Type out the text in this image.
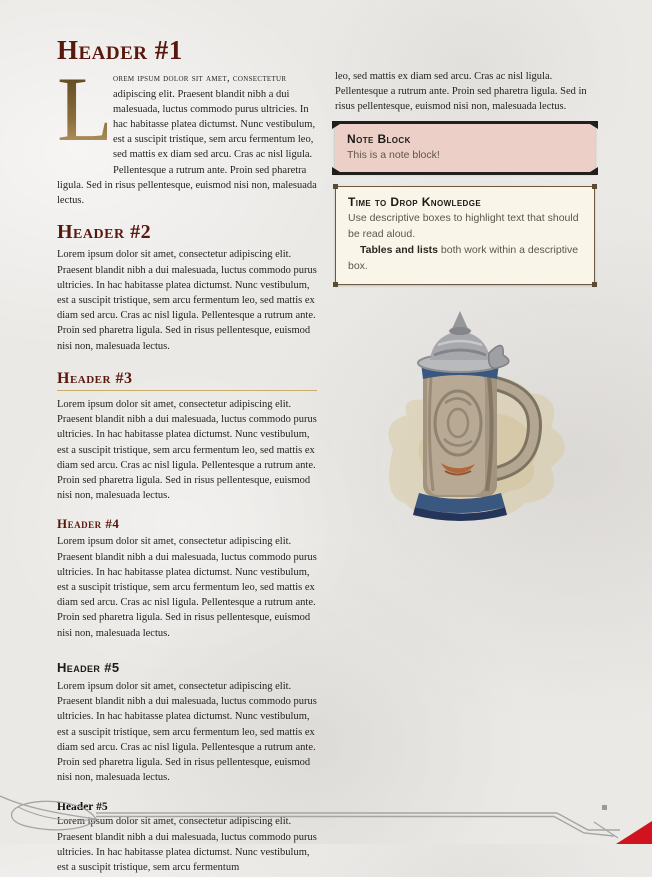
Header #1

L orem ipsum dolor sit amet, consectetur adipiscing elit. Praesent blandit nibh a dui malesuada, luctus commodo purus ultricies. In hac habitasse platea dictumst. Nunc vestibulum, est a suscipit tristique, sem arcu fermentum leo, sed mattis ex diam sed arcu. Cras ac nisl ligula. Pellentesque a rutrum ante. Proin sed pharetra ligula. Sed in risus pellentesque, euismod nisi non, malesuada lectus.

Header #2

Lorem ipsum dolor sit amet, consectetur adipiscing elit. Praesent blandit nibh a dui malesuada, luctus commodo purus ultricies. In hac habitasse platea dictumst. Nunc vestibulum, est a suscipit tristique, sem arcu fermentum leo, sed mattis ex diam sed arcu. Cras ac nisl ligula. Pellentesque a rutrum ante. Proin sed pharetra ligula. Sed in risus pellentesque, euismod nisi non, malesuada lectus.

Header #3

Lorem ipsum dolor sit amet, consectetur adipiscing elit. Praesent blandit nibh a dui malesuada, luctus commodo purus ultricies. In hac habitasse platea dictumst. Nunc vestibulum, est a suscipit tristique, sem arcu fermentum leo, sed mattis ex diam sed arcu. Cras ac nisl ligula. Pellentesque a rutrum ante. Proin sed pharetra ligula. Sed in risus pellentesque, euismod nisi non, malesuada lectus.

Header #4

Lorem ipsum dolor sit amet, consectetur adipiscing elit. Praesent blandit nibh a dui malesuada, luctus commodo purus ultricies. In hac habitasse platea dictumst. Nunc vestibulum, est a suscipit tristique, sem arcu fermentum leo, sed mattis ex diam sed arcu. Cras ac nisl ligula. Pellentesque a rutrum ante. Proin sed pharetra ligula. Sed in risus pellentesque, euismod nisi non, malesuada lectus.

Header #5

Lorem ipsum dolor sit amet, consectetur adipiscing elit. Praesent blandit nibh a dui malesuada, luctus commodo purus ultricies. In hac habitasse platea dictumst. Nunc vestibulum, est a suscipit tristique, sem arcu fermentum leo, sed mattis ex diam sed arcu. Cras ac nisl ligula. Pellentesque a rutrum ante. Proin sed pharetra ligula. Sed in risus pellentesque, euismod nisi non, malesuada lectus.

Header #5

Lorem ipsum dolor sit amet, consectetur adipiscing elit. Praesent blandit nibh a dui malesuada, luctus commodo purus ultricies. In hac habitasse platea dictumst. Nunc vestibulum, est a suscipit tristique, sem arcu fermentum

leo, sed mattis ex diam sed arcu. Cras ac nisl ligula. Pellentesque a rutrum ante. Proin sed pharetra ligula. Sed in risus pellentesque, euismod nisi non, malesuada lectus.

Note Block

This is a note block!

Time to Drop Knowledge

Use descriptive boxes to highlight text that should be read aloud.

Tables and lists both work within a descriptive box.
